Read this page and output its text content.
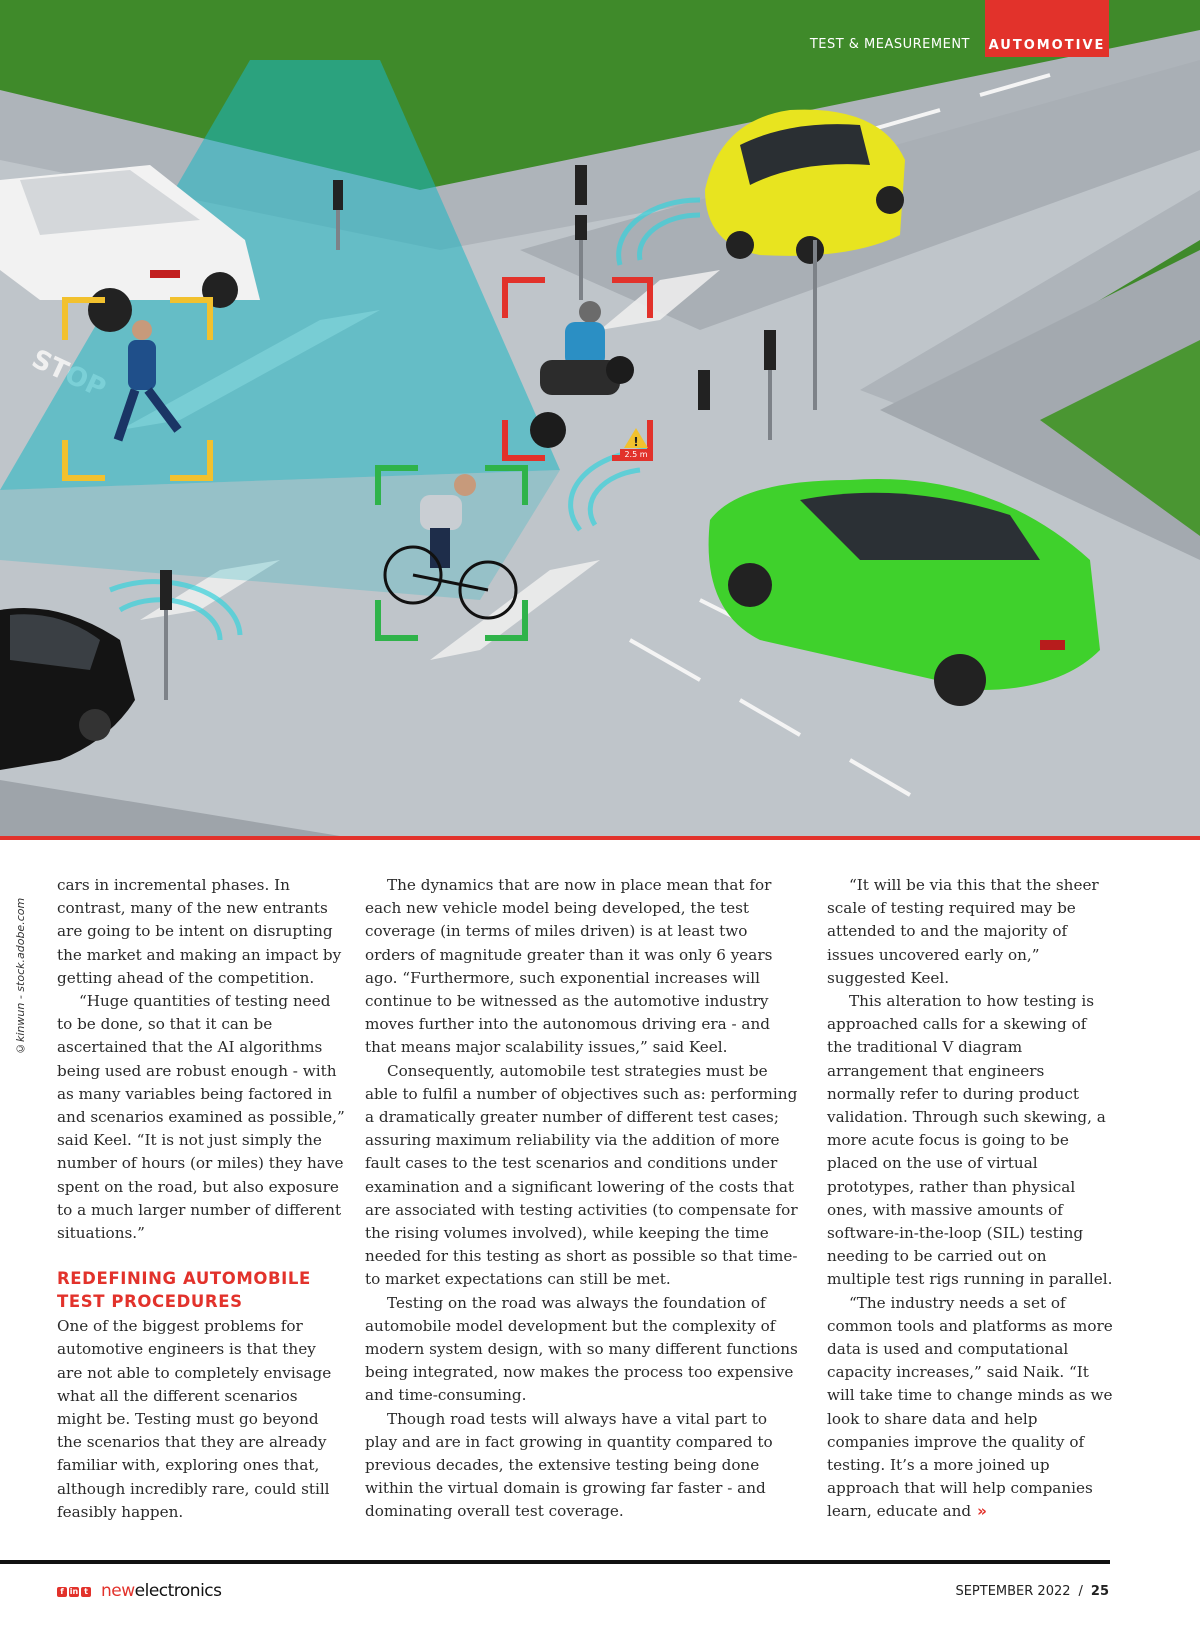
!
2.5 m
TEST & MEASUREMENT AUTOMOTIVE
©kinwun - stock.adobe.com

cars in incremental phases. In contrast, many of the new entrants are going to be intent on disrupting the market and making an impact by getting ahead of the competition.

“Huge quantities of testing need to be done, so that it can be ascertained that the AI algorithms being used are robust enough - with as many variables being factored in and scenarios examined as possible,” said Keel. “It is not just simply the number of hours (or miles) they have spent on the road, but also exposure to a much larger number of different situations.”

REDEFINING AUTOMOBILE TEST PROCEDURES

One of the biggest problems for automotive engineers is that they are not able to completely envisage what all the different scenarios might be. Testing must go beyond the scenarios that they are already familiar with, exploring ones that, although incredibly rare, could still feasibly happen.

The dynamics that are now in place mean that for each new vehicle model being developed, the test coverage (in terms of miles driven) is at least two orders of magnitude greater than it was only 6 years ago. “Furthermore, such exponential increases will continue to be witnessed as the automotive industry moves further into the autonomous driving era - and that means major scalability issues,” said Keel.

Consequently, automobile test strategies must be able to fulfil a number of objectives such as: performing a dramatically greater number of different test cases; assuring maximum reliability via the addition of more fault cases to the test scenarios and conditions under examination and a significant lowering of the costs that are associated with testing activities (to compensate for the rising volumes involved), while keeping the time needed for this testing as short as possible so that time-to market expectations can still be met.

Testing on the road was always the foundation of automobile model development but the complexity of modern system design, with so many different functions being integrated, now makes the process too expensive and time-consuming.

Though road tests will always have a vital part to play and are in fact growing in quantity compared to previous decades, the extensive testing being done within the virtual domain is growing far faster - and dominating overall test coverage.

“It will be via this that the sheer scale of testing required may be attended to and the majority of issues uncovered early on,” suggested Keel.

This alteration to how testing is approached calls for a skewing of the traditional V diagram arrangement that engineers normally refer to during product validation. Through such skewing, a more acute focus is going to be placed on the use of virtual prototypes, rather than physical ones, with massive amounts of software-in-the-loop (SIL) testing needing to be carried out on multiple test rigs running in parallel.

“The industry needs a set of common tools and platforms as more data is used and computational capacity increases,” said Naik. “It will take time to change minds as we look to share data and help companies improve the quality of testing. It’s a more joined up approach that will help companies learn, educate and »

f in t newelectronics	SEPTEMBER 2022 / 25
